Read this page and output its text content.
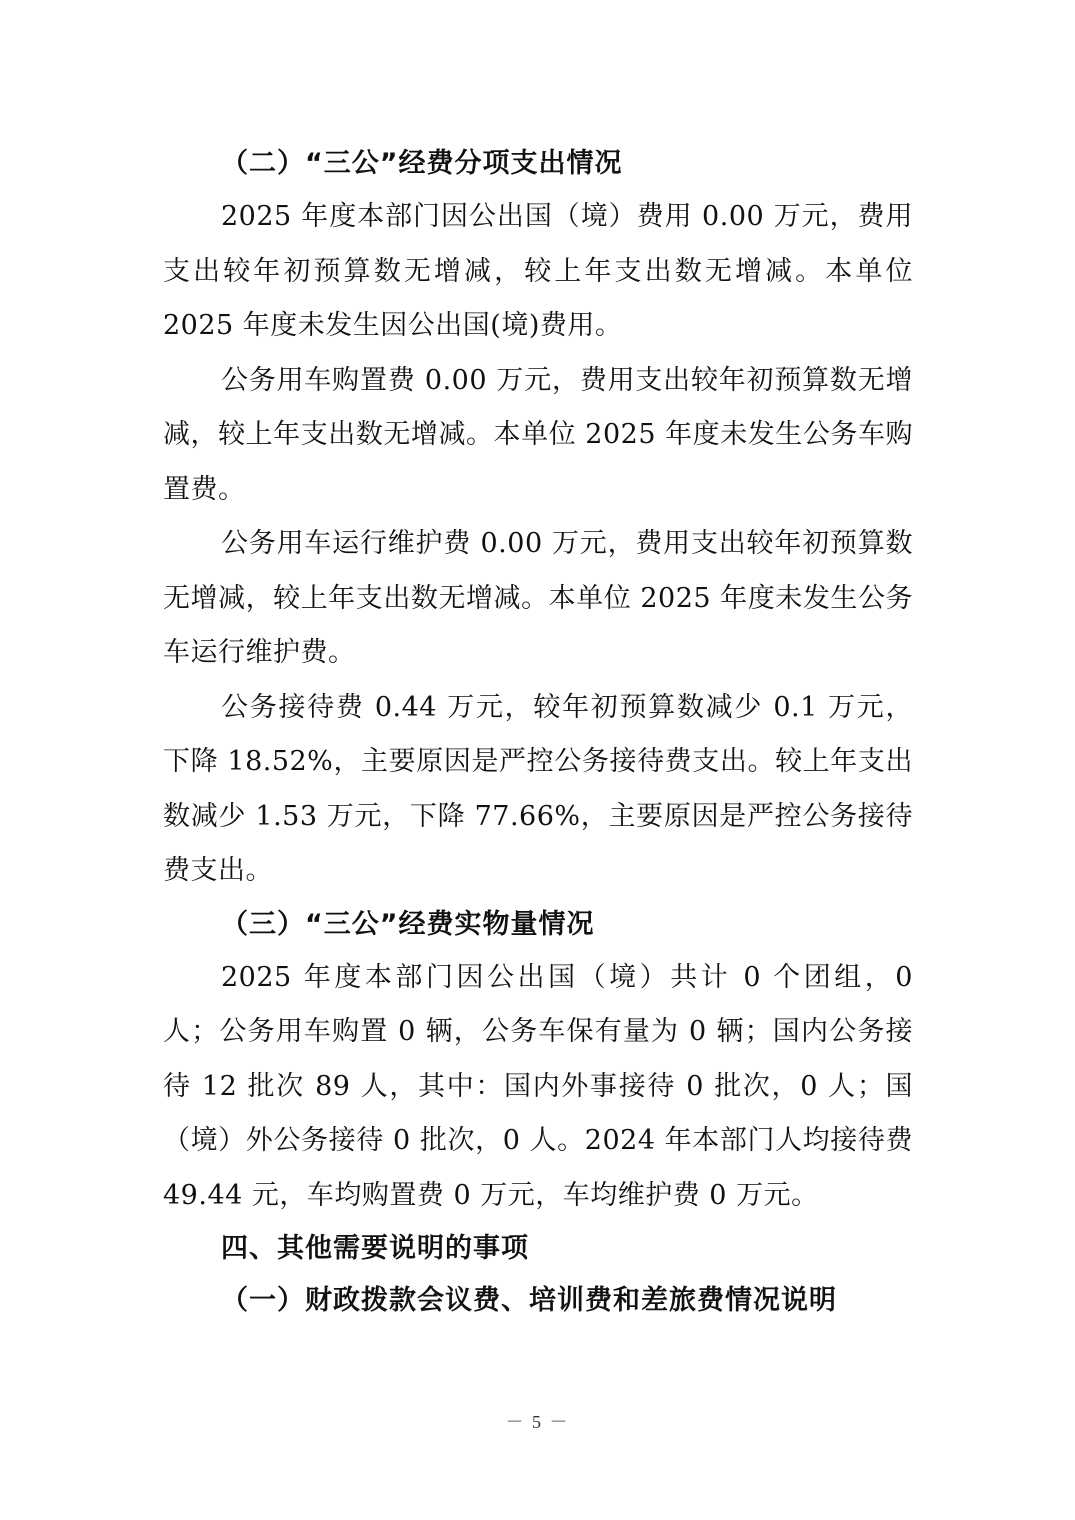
（二）“三公”经费分项支出情况

2025 年度本部门因公出国（境）费用 0.00 万元，费用支出较年初预算数无增减，较上年支出数无增减。本单位 2025 年度未发生因公出国(境)费用。

公务用车购置费 0.00 万元，费用支出较年初预算数无增减，较上年支出数无增减。本单位 2025 年度未发生公务车购置费。

公务用车运行维护费 0.00 万元，费用支出较年初预算数无增减，较上年支出数无增减。本单位 2025 年度未发生公务车运行维护费。

公务接待费 0.44 万元，较年初预算数减少 0.1 万元，下降 18.52%，主要原因是严控公务接待费支出。较上年支出数减少 1.53 万元，下降 77.66%，主要原因是严控公务接待费支出。

（三）“三公”经费实物量情况

2025 年度本部门因公出国（境）共计 0 个团组，0 人；公务用车购置 0 辆，公务车保有量为 0 辆；国内公务接待 12 批次 89 人，其中：国内外事接待 0 批次，0 人；国（境）外公务接待 0 批次，0 人。2024 年本部门人均接待费 49.44 元，车均购置费 0 万元，车均维护费 0 万元。

四、其他需要说明的事项

（一）财政拨款会议费、培训费和差旅费情况说明

－ 5 －
